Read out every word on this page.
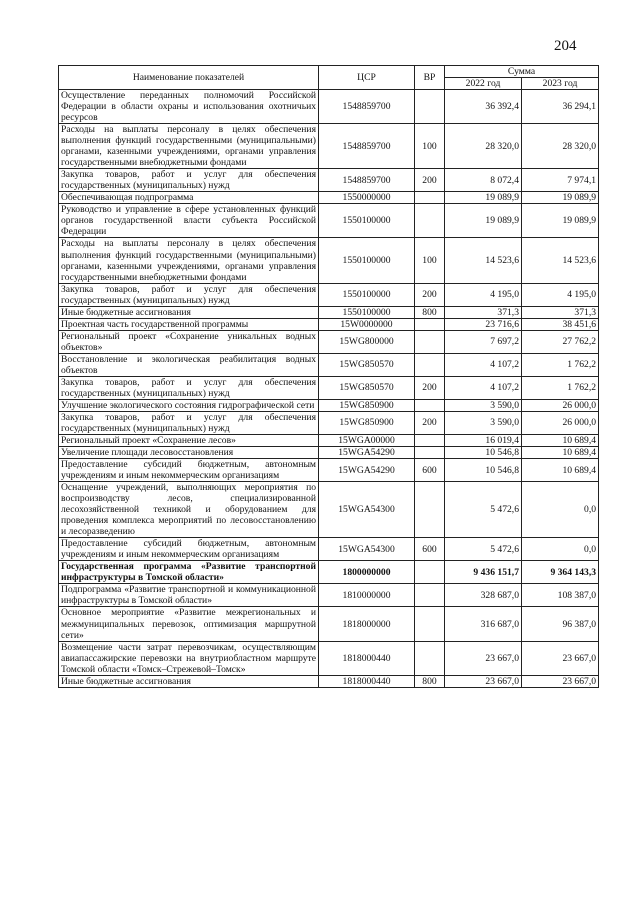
204
Наименование показателей	ЦСР	ВР	Сумма	
			2022 год	2023 год
Осуществление переданных полномочий Российской Федерации в области охраны и использования охотничьих ресурсов	1548859700		36 392,4	36 294,1
Расходы на выплаты персоналу в целях обеспечения выполнения функций государственными (муниципальными) органами, казенными учреждениями, органами управления государственными внебюджетными фондами	1548859700	100	28 320,0	28 320,0
Закупка товаров, работ и услуг для обеспечения государственных (муниципальных) нужд	1548859700	200	8 072,4	7 974,1
Обеспечивающая подпрограмма	1550000000		19 089,9	19 089,9
Руководство и управление в сфере установленных функций органов государственной власти субъекта Российской Федерации	1550100000		19 089,9	19 089,9
Расходы на выплаты персоналу в целях обеспечения выполнения функций государственными (муниципальными) органами, казенными учреждениями, органами управления государственными внебюджетными фондами	1550100000	100	14 523,6	14 523,6
Закупка товаров, работ и услуг для обеспечения государственных (муниципальных) нужд	1550100000	200	4 195,0	4 195,0
Иные бюджетные ассигнования	1550100000	800	371,3	371,3
Проектная часть государственной программы	15W0000000		23 716,6	38 451,6
Региональный проект «Сохранение уникальных водных объектов»	15WG800000		7 697,2	27 762,2
Восстановление и экологическая реабилитация водных объектов	15WG850570		4 107,2	1 762,2
Закупка товаров, работ и услуг для обеспечения государственных (муниципальных) нужд	15WG850570	200	4 107,2	1 762,2
Улучшение экологического состояния гидрографической сети	15WG850900		3 590,0	26 000,0
Закупка товаров, работ и услуг для обеспечения государственных (муниципальных) нужд	15WG850900	200	3 590,0	26 000,0
Региональный проект «Сохранение лесов»	15WGA00000		16 019,4	10 689,4
Увеличение площади лесовосстановления	15WGA54290		10 546,8	10 689,4
Предоставление субсидий бюджетным, автономным учреждениям и иным некоммерческим организациям	15WGA54290	600	10 546,8	10 689,4
Оснащение учреждений, выполняющих мероприятия по воспроизводству лесов, специализированной лесохозяйственной техникой и оборудованием для проведения комплекса мероприятий по лесовосстановлению и лесоразведению	15WGA54300		5 472,6	0,0
Предоставление субсидий бюджетным, автономным учреждениям и иным некоммерческим организациям	15WGA54300	600	5 472,6	0,0
Государственная программа «Развитие транспортной инфраструктуры в Томской области»	1800000000		9 436 151,7	9 364 143,3
Подпрограмма «Развитие транспортной и коммуникационной инфраструктуры в Томской области»	1810000000		328 687,0	108 387,0
Основное мероприятие «Развитие межрегиональных и межмуниципальных перевозок, оптимизация маршрутной сети»	1818000000		316 687,0	96 387,0
Возмещение части затрат перевозчикам, осуществляющим авиапассажирские перевозки на внутриобластном маршруте Томской области «Томск–Стрежевой–Томск»	1818000440		23 667,0	23 667,0
Иные бюджетные ассигнования	1818000440	800	23 667,0	23 667,0
